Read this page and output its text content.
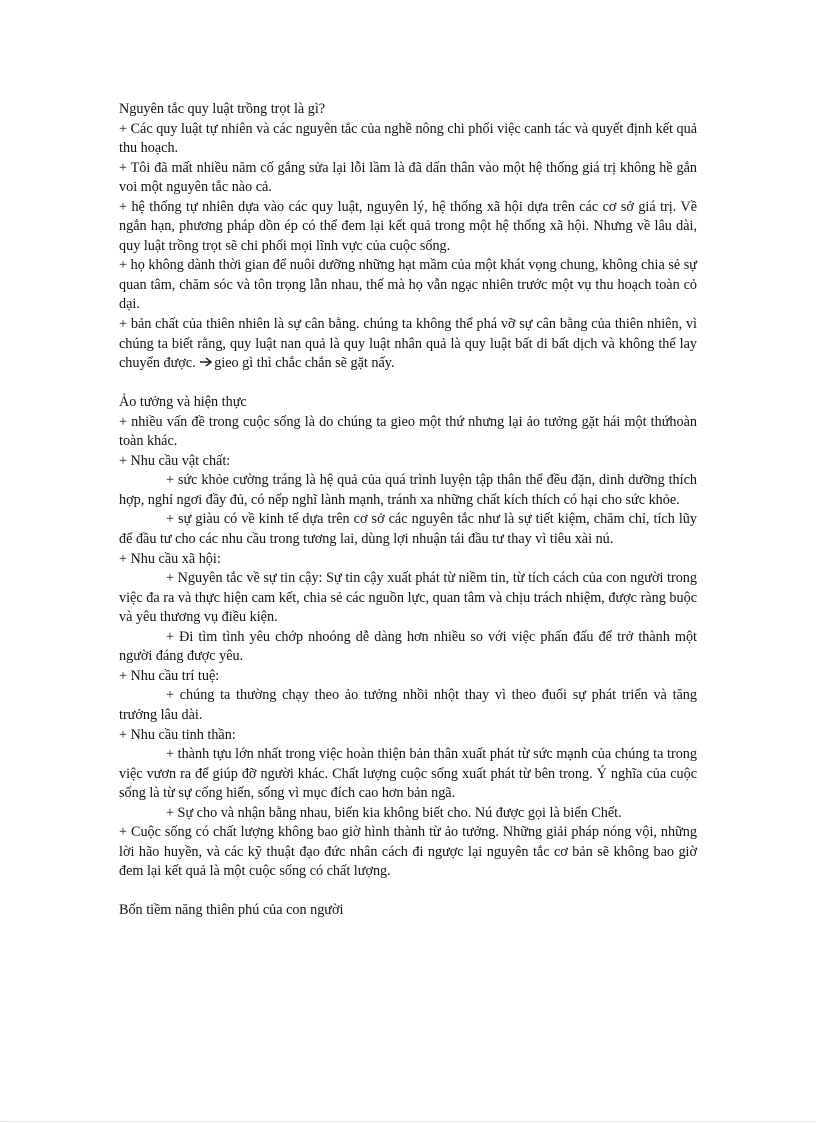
Nguyên tắc quy luật trồng trọt là gì?

+ Các quy luật tự nhiên và các nguyên tắc của nghề nông chi phối việc canh tác và quyết định kết quả thu hoạch.

+ Tôi đã mất nhiều năm cố gắng sửa lại lỗi lầm là đã dấn thân vào một hệ thống giá trị không hề gắn voi một nguyên tắc nào cả.

+ hệ thống tự nhiên dựa vào các quy luật, nguyên lý, hệ thống xã hội dựa trên các cơ sở giá trị. Về ngắn hạn, phương pháp dồn ép có thể đem lại kết quả trong một hệ thống xã hội. Nhưng về lâu dài, quy luật trồng trọt sẽ chi phối mọi lĩnh vực của cuộc sống.

+ họ không dành thời gian để nuôi dưỡng những hạt mầm của một khát vọng chung, không chia sẻ sự quan tâm, chăm sóc và tôn trọng lẫn nhau, thế mà họ vẫn ngạc nhiên trước một vụ thu hoạch toàn cỏ dại.

+ bản chất của thiên nhiên là sự cân bằng. chúng ta không thể phá vỡ sự cân bằng của thiên nhiên, vì chúng ta biết rằng, quy luật nan quả là quy luật nhân quả là quy luật bất di bất dịch và không thể lay chuyển được. gieo gì thì chắc chắn sẽ gặt nấy.

Ảo tưởng và hiện thực

+ nhiều vấn đề trong cuộc sống là do chúng ta gieo một thứ nhưng lại ảo tưởng gặt hái một thứhoàn toàn khác.

+ Nhu cầu vật chất:

+ sức khỏe cường tráng là hệ quả của quá trình luyện tập thân thể đều đặn, dinh dưỡng thích hợp, nghỉ ngơi đầy đủ, có nếp nghĩ lành mạnh, tránh xa những chất kích thích có hại cho sức khỏe.

+ sự giàu có về kinh tế dựa trên cơ sở các nguyên tắc như là sự tiết kiệm, chăm chỉ, tích lũy để đầu tư cho các nhu cầu trong tương lai, dùng lợi nhuận tái đầu tư thay vì tiêu xài nú.

+ Nhu cầu xã hội:

+ Nguyên tắc về sự tin cậy: Sự tin cậy xuất phát từ niềm tin, từ tích cách của con người trong việc đa ra và thực hiện cam kết, chia sẻ các nguồn lực, quan tâm và chịu trách nhiệm, được ràng buộc và yêu thương vụ điều kiện.

+ Đi tìm tình yêu chớp nhoóng dễ dàng hơn nhiều so với việc phấn đấu để trở thành một người đáng được yêu.

+ Nhu cầu trí tuệ:

+ chúng ta thường chạy theo ảo tưởng nhồi nhột thay vì theo đuổi sự phát triển và tăng trưởng lâu dài.

+ Nhu cầu tinh thần:

+ thành tựu lớn nhất trong việc hoàn thiện bản thân xuất phát từ sức mạnh của chúng ta trong việc vươn ra để giúp đỡ người khác. Chất lượng cuộc sống xuất phát từ bên trong. Ý nghĩa của cuộc sống là từ sự cống hiến, sống vì mục đích cao hơn bản ngã.

+ Sự cho và nhận bằng nhau, biển kia không biết cho. Nú được gọi là biển Chết.

+ Cuộc sống có chất lượng không bao giờ hình thành từ ảo tưởng. Những giải pháp nóng vội, những lời hão huyền, và các kỹ thuật đạo đức nhân cách đi ngược lại nguyên tắc cơ bản sẽ không bao giờ đem lại kết quả là một cuộc sống có chất lượng.

Bốn tiềm năng thiên phú của con người
